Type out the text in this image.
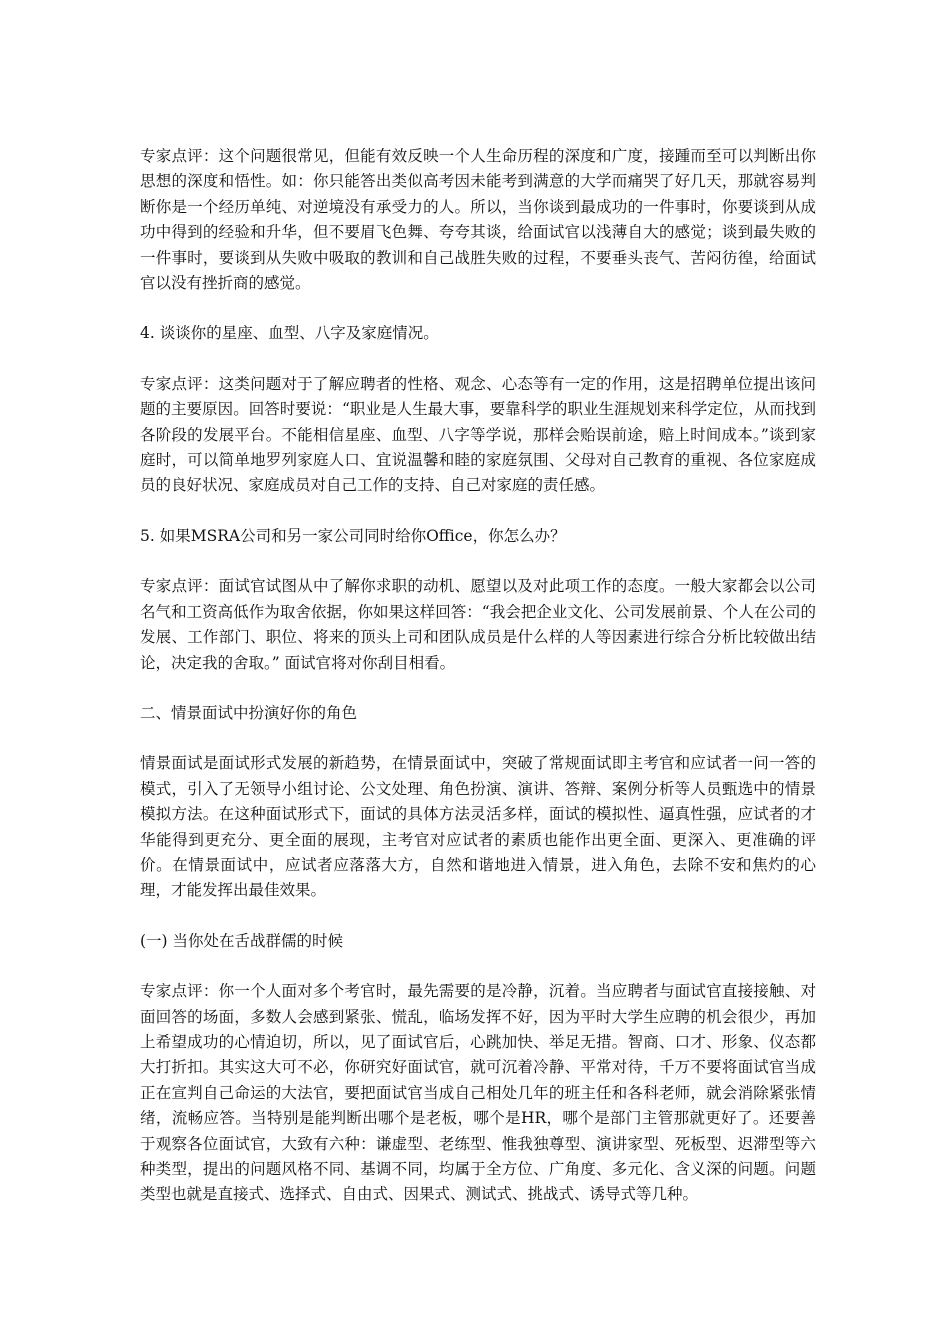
专家点评：这个问题很常见，但能有效反映一个人生命历程的深度和广度，接踵而至可以判断出你思想的深度和悟性。如：你只能答出类似高考因未能考到满意的大学而痛哭了好几天，那就容易判断你是一个经历单纯、对逆境没有承受力的人。所以，当你谈到最成功的一件事时，你要谈到从成功中得到的经验和升华，但不要眉飞色舞、夸夸其谈，给面试官以浅薄自大的感觉；谈到最失败的一件事时，要谈到从失败中吸取的教训和自己战胜失败的过程，不要垂头丧气、苦闷彷徨，给面试官以没有挫折商的感觉。

4. 谈谈你的星座、血型、八字及家庭情况。

专家点评：这类问题对于了解应聘者的性格、观念、心态等有一定的作用，这是招聘单位提出该问题的主要原因。回答时要说：“职业是人生最大事，要靠科学的职业生涯规划来科学定位，从而找到各阶段的发展平台。不能相信星座、血型、八字等学说，那样会贻误前途，赔上时间成本。”谈到家庭时，可以简单地罗列家庭人口、宜说温馨和睦的家庭氛围、父母对自己教育的重视、各位家庭成员的良好状况、家庭成员对自己工作的支持、自己对家庭的责任感。

5. 如果MSRA公司和另一家公司同时给你Office，你怎么办？

专家点评：面试官试图从中了解你求职的动机、愿望以及对此项工作的态度。一般大家都会以公司名气和工资高低作为取舍依据，你如果这样回答：“我会把企业文化、公司发展前景、个人在公司的发展、工作部门、职位、将来的顶头上司和团队成员是什么样的人等因素进行综合分析比较做出结论，决定我的舍取。” 面试官将对你刮目相看。

二、情景面试中扮演好你的角色

情景面试是面试形式发展的新趋势，在情景面试中，突破了常规面试即主考官和应试者一问一答的模式，引入了无领导小组讨论、公文处理、角色扮演、演讲、答辩、案例分析等人员甄选中的情景模拟方法。在这种面试形式下，面试的具体方法灵活多样，面试的模拟性、逼真性强，应试者的才华能得到更充分、更全面的展现，主考官对应试者的素质也能作出更全面、更深入、更准确的评价。在情景面试中，应试者应落落大方，自然和谐地进入情景，进入角色，去除不安和焦灼的心理，才能发挥出最佳效果。

(一) 当你处在舌战群儒的时候

专家点评：你一个人面对多个考官时，最先需要的是冷静，沉着。当应聘者与面试官直接接触、对面回答的场面，多数人会感到紧张、慌乱，临场发挥不好，因为平时大学生应聘的机会很少，再加上希望成功的心情迫切，所以，见了面试官后，心跳加快、举足无措。智商、口才、形象、仪态都大打折扣。其实这大可不必，你研究好面试官，就可沉着冷静、平常对待，千万不要将面试官当成正在宣判自己命运的大法官，要把面试官当成自己相处几年的班主任和各科老师，就会消除紧张情绪，流畅应答。当特别是能判断出哪个是老板，哪个是HR，哪个是部门主管那就更好了。还要善于观察各位面试官，大致有六种：谦虚型、老练型、惟我独尊型、演讲家型、死板型、迟滞型等六种类型，提出的问题风格不同、基调不同，均属于全方位、广角度、多元化、含义深的问题。问题类型也就是直接式、选择式、自由式、因果式、测试式、挑战式、诱导式等几种。
